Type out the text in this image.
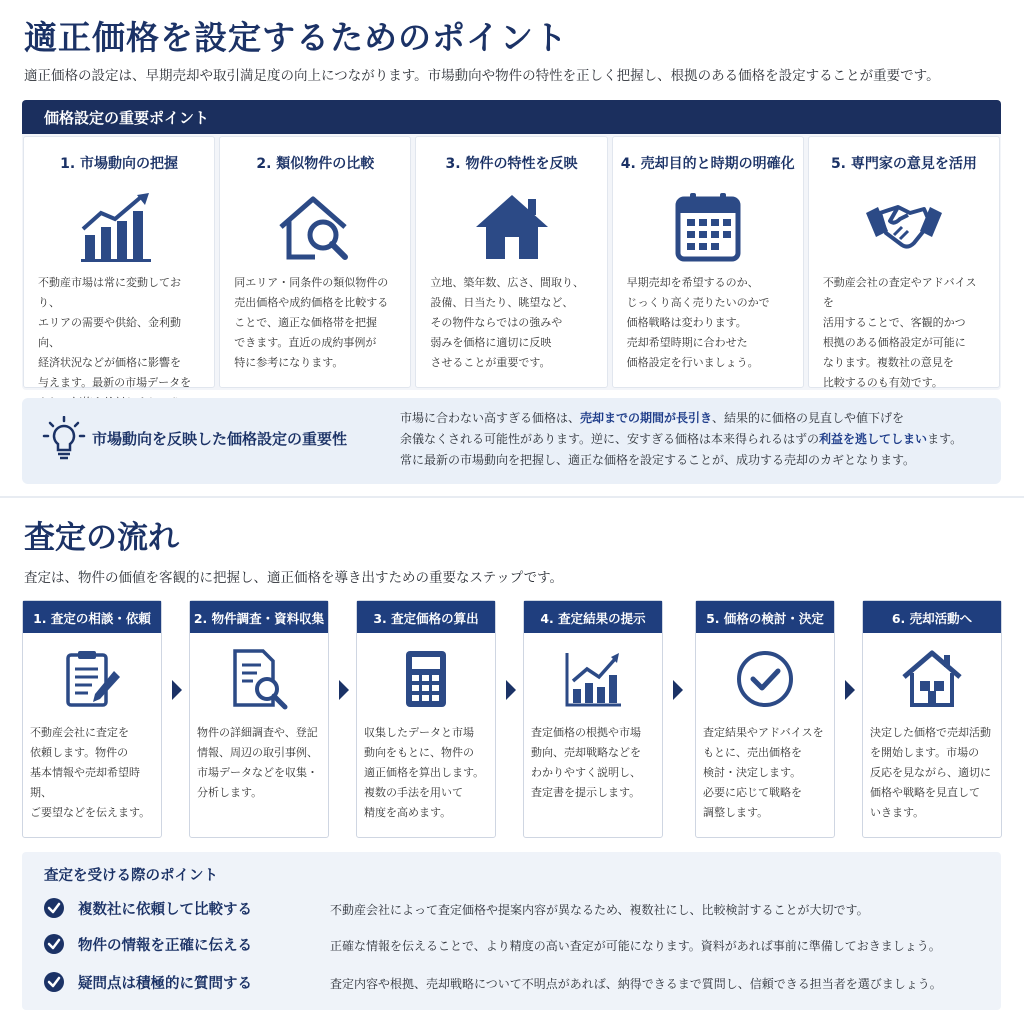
適正価格を設定するためのポイント

適正価格の設定は、早期売却や取引満足度の向上につながります。市場動向や物件の特性を正しく把握し、根拠のある価格を設定することが重要です。

価格設定の重要ポイント
1. 市場動向の把握
不動産市場は常に変動しており、
エリアの需要や供給、金利動向、
経済状況などが価格に影響を
与えます。最新の市場データを

2. 類似物件の比較
同エリア・同条件の類似物件の
売出価格や成約価格を比較する
ことで、適正な価格帯を把握
できます。直近の成約事例が
特に参考になります。
3. 物件の特性を反映
立地、築年数、広さ、間取り、
設備、日当たり、眺望など、
その物件ならではの強みや
弱みを価格に適切に反映
させることが重要です。
4. 売却目的と時期の明確化
早期売却を希望するのか、
じっくり高く売りたいのかで
価格戦略は変わります。
売却希望時期に合わせた
価格設定を行いましょう。
5. 専門家の意見を活用
不動産会社の査定やアドバイスを
活用することで、客観的かつ
根拠のある価格設定が可能に
なります。複数社の意見を
比較するのも有効です。
市場動向を反映した価格設定の重要性
市場に合わない高すぎる価格は、売却までの期間が長引き、結果的に価格の見直しや値下げを
余儀なくされる可能性があります。逆に、安すぎる価格は本来得られるはずの利益を逃してしまいます。
常に最新の市場動向を把握し、適正な価格を設定することが、成功する売却のカギとなります。
査定の流れ

査定は、物件の価値を客観的に把握し、適正価格を導き出すための重要なステップです。

1. 査定の相談・依頼
不動産会社に査定を
依頼します。物件の
基本情報や売却希望時期、
ご要望などを伝えます。
2. 物件調査・資料収集
物件の詳細調査や、登記
情報、周辺の取引事例、
市場データなどを収集・
分析します。
3. 査定価格の算出
収集したデータと市場
動向をもとに、物件の
適正価格を算出します。
複数の手法を用いて
精度を高めます。
4. 査定結果の提示
査定価格の根拠や市場
動向、売却戦略などを
わかりやすく説明し、
査定書を提示します。
5. 価格の検討・決定
査定結果やアドバイスを
もとに、売出価格を
検討・決定します。
必要に応じて戦略を
調整します。
6. 売却活動へ
決定した価格で売却活動
を開始します。市場の
反応を見ながら、適切に
価格や戦略を見直して
いきます。
査定を受ける際のポイント
複数社に依頼して比較する	不動産会社によって査定価格や提案内容が異なるため、複数社にし、比較検討することが大切です。
物件の情報を正確に伝える	正確な情報を伝えることで、より精度の高い査定が可能になります。資料があれば事前に準備しておきましょう。
疑問点は積極的に質問する	査定内容や根拠、売却戦略について不明点があれば、納得できるまで質問し、信頼できる担当者を選びましょう。
